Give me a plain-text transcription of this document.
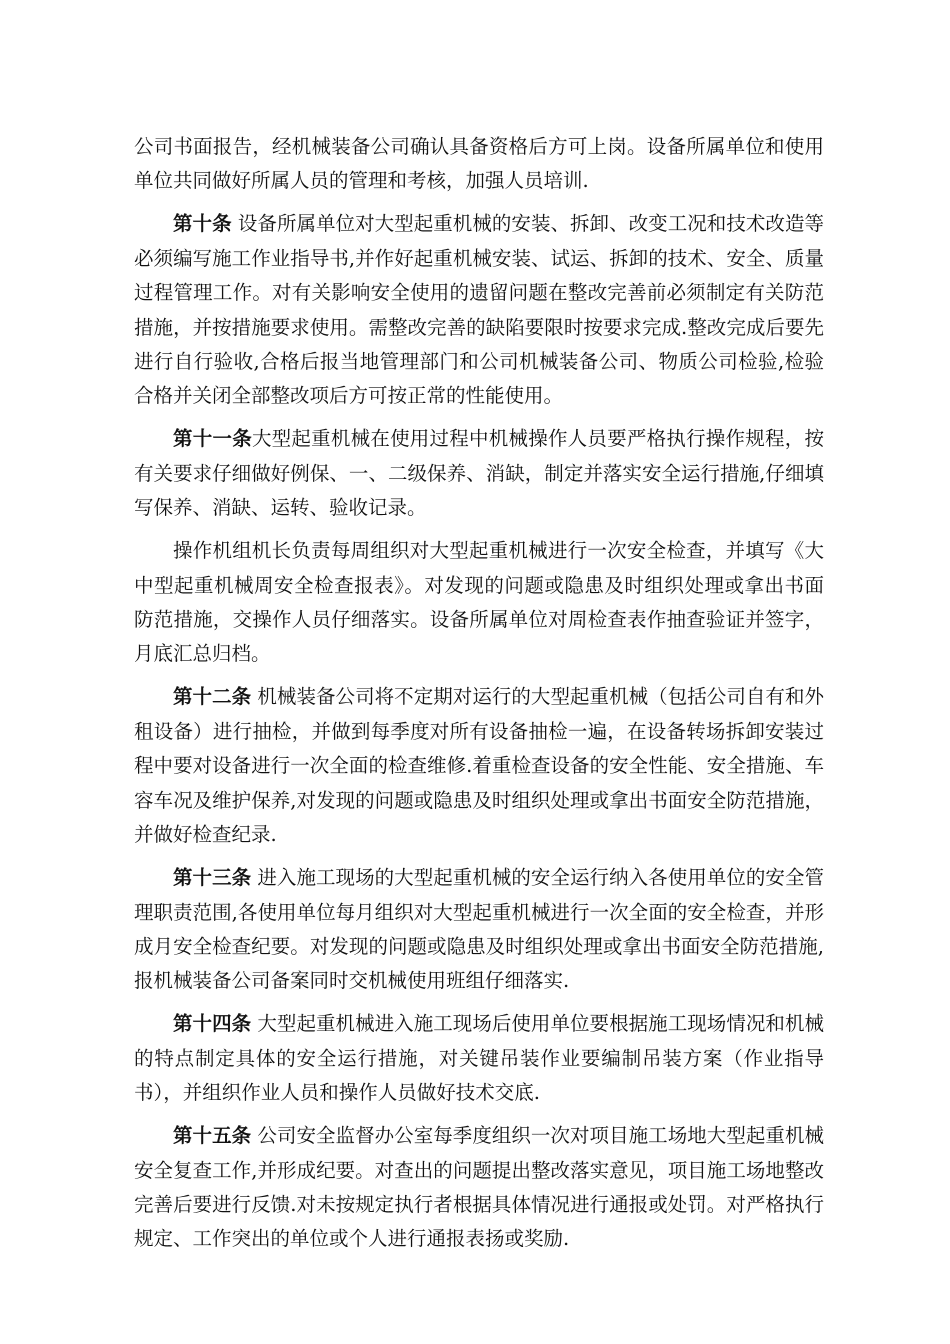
公司书面报告，经机械装备公司确认具备资格后方可上岗。设备所属单位和使用单位共同做好所属人员的管理和考核，加强人员培训.

第十条 设备所属单位对大型起重机械的安装、拆卸、改变工况和技术改造等必须编写施工作业指导书,并作好起重机械安装、试运、拆卸的技术、安全、质量过程管理工作。对有关影响安全使用的遗留问题在整改完善前必须制定有关防范措施，并按措施要求使用。需整改完善的缺陷要限时按要求完成.整改完成后要先进行自行验收,合格后报当地管理部门和公司机械装备公司、物质公司检验,检验合格并关闭全部整改项后方可按正常的性能使用。

第十一条大型起重机械在使用过程中机械操作人员要严格执行操作规程，按有关要求仔细做好例保、一、二级保养、消缺，制定并落实安全运行措施,仔细填写保养、消缺、运转、验收记录。

操作机组机长负责每周组织对大型起重机械进行一次安全检查，并填写《大中型起重机械周安全检查报表》。对发现的问题或隐患及时组织处理或拿出书面防范措施，交操作人员仔细落实。设备所属单位对周检查表作抽查验证并签字，月底汇总归档。

第十二条 机械装备公司将不定期对运行的大型起重机械（包括公司自有和外租设备）进行抽检，并做到每季度对所有设备抽检一遍，在设备转场拆卸安装过程中要对设备进行一次全面的检查维修.着重检查设备的安全性能、安全措施、车容车况及维护保养,对发现的问题或隐患及时组织处理或拿出书面安全防范措施，并做好检查纪录.

第十三条 进入施工现场的大型起重机械的安全运行纳入各使用单位的安全管理职责范围,各使用单位每月组织对大型起重机械进行一次全面的安全检查，并形成月安全检查纪要。对发现的问题或隐患及时组织处理或拿出书面安全防范措施,报机械装备公司备案同时交机械使用班组仔细落实.

第十四条 大型起重机械进入施工现场后使用单位要根据施工现场情况和机械的特点制定具体的安全运行措施，对关键吊装作业要编制吊装方案（作业指导书），并组织作业人员和操作人员做好技术交底.

第十五条 公司安全监督办公室每季度组织一次对项目施工场地大型起重机械安全复查工作,并形成纪要。对查出的问题提出整改落实意见，项目施工场地整改完善后要进行反馈.对未按规定执行者根据具体情况进行通报或处罚。对严格执行规定、工作突出的单位或个人进行通报表扬或奖励.
